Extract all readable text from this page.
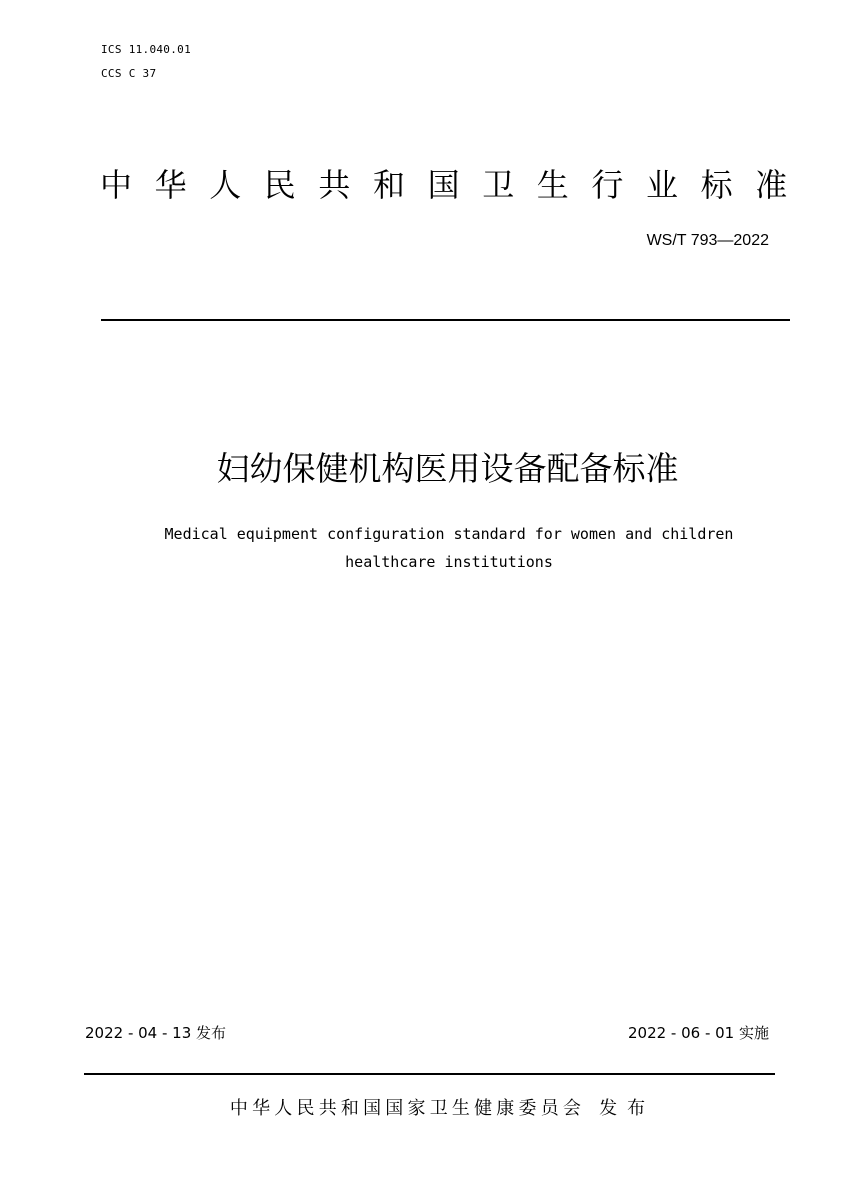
ICS 11.040.01
CCS C 37
中华人民共和国卫生行业标准
WS/T 793—2022
妇幼保健机构医用设备配备标准
Medical equipment configuration standard for women and children
healthcare institutions
2022 - 04 - 13 发布	2022 - 06 - 01 实施
中华人民共和国国家卫生健康委员会 发布
